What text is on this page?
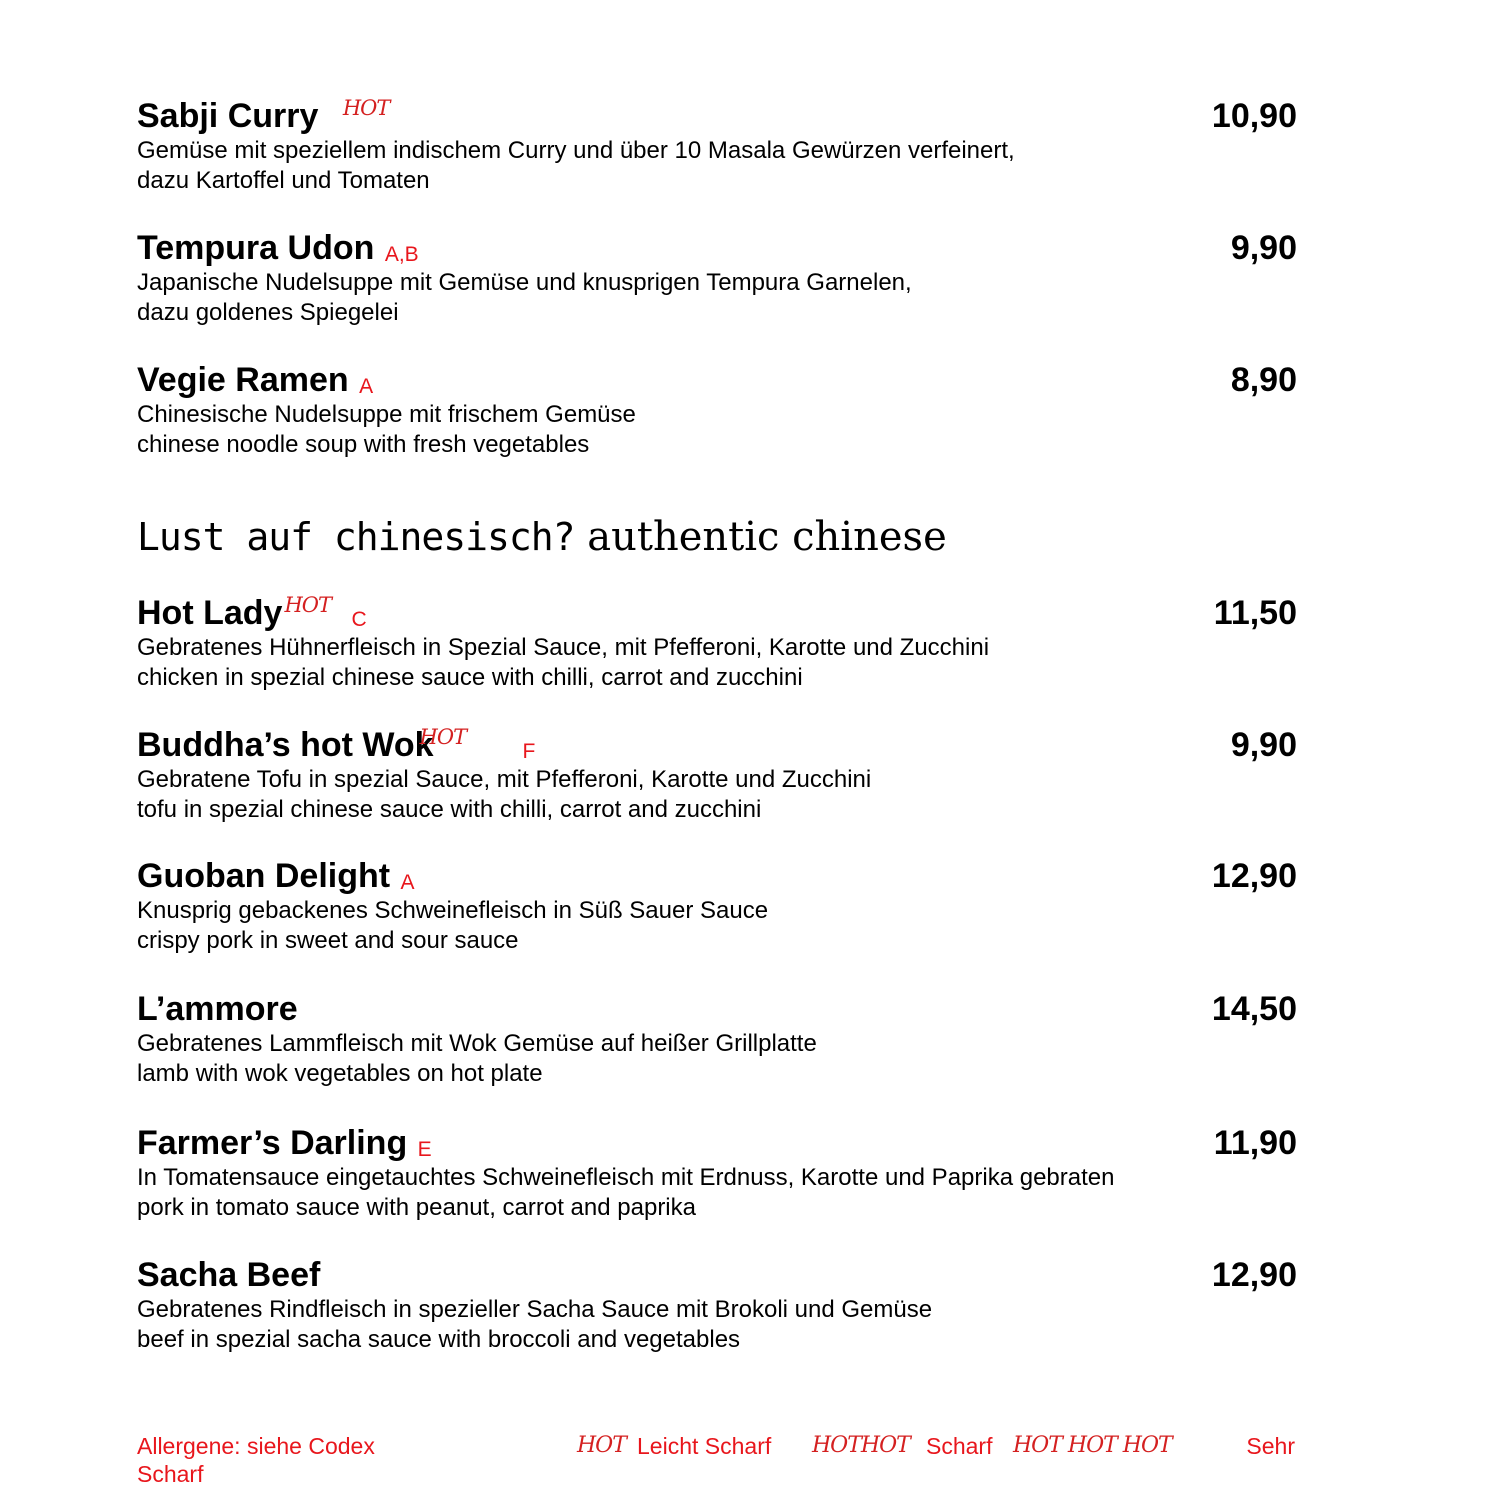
Sabji Curry HOT	10,90
Gemüse mit speziellem indischem Curry und über 10 Masala Gewürzen verfeinert,
dazu Kartoffel und Tomaten
Tempura Udon A,B	9,90
Japanische Nudelsuppe mit Gemüse und knusprigen Tempura Garnelen,
dazu goldenes Spiegelei
Vegie Ramen A	8,90
Chinesische Nudelsuppe mit frischem Gemüse
chinese noodle soup with fresh vegetables
Lust auf chinesisch? authentic chinese
Hot LadyHOT C	11,50
Gebratenes Hühnerfleisch in Spezial Sauce, mit Pfefferoni, Karotte und Zucchini
chicken in spezial chinese sauce with chilli, carrot and zucchini
Buddha’s hot WokHOT F	9,90
Gebratene Tofu in spezial Sauce, mit Pfefferoni, Karotte und Zucchini
tofu in spezial chinese sauce with chilli, carrot and zucchini
Guoban Delight A	12,90
Knusprig gebackenes Schweinefleisch in Süß Sauer Sauce
crispy pork in sweet and sour sauce
L’ammore	14,50
Gebratenes Lammfleisch mit Wok Gemüse auf heißer Grillplatte
lamb with wok vegetables on hot plate
Farmer’s Darling E	11,90
In Tomatensauce eingetauchtes Schweinefleisch mit Erdnuss, Karotte und Paprika gebraten
pork in tomato sauce with peanut, carrot and paprika
Sacha Beef	12,90
Gebratenes Rindfleisch in spezieller Sacha Sauce mit Brokoli und Gemüse
beef in spezial sacha sauce with broccoli and vegetables
Allergene: siehe Codex
Scharf
HOT Leicht Scharf HOTHOT Scharf HOT HOT HOT	Sehr
